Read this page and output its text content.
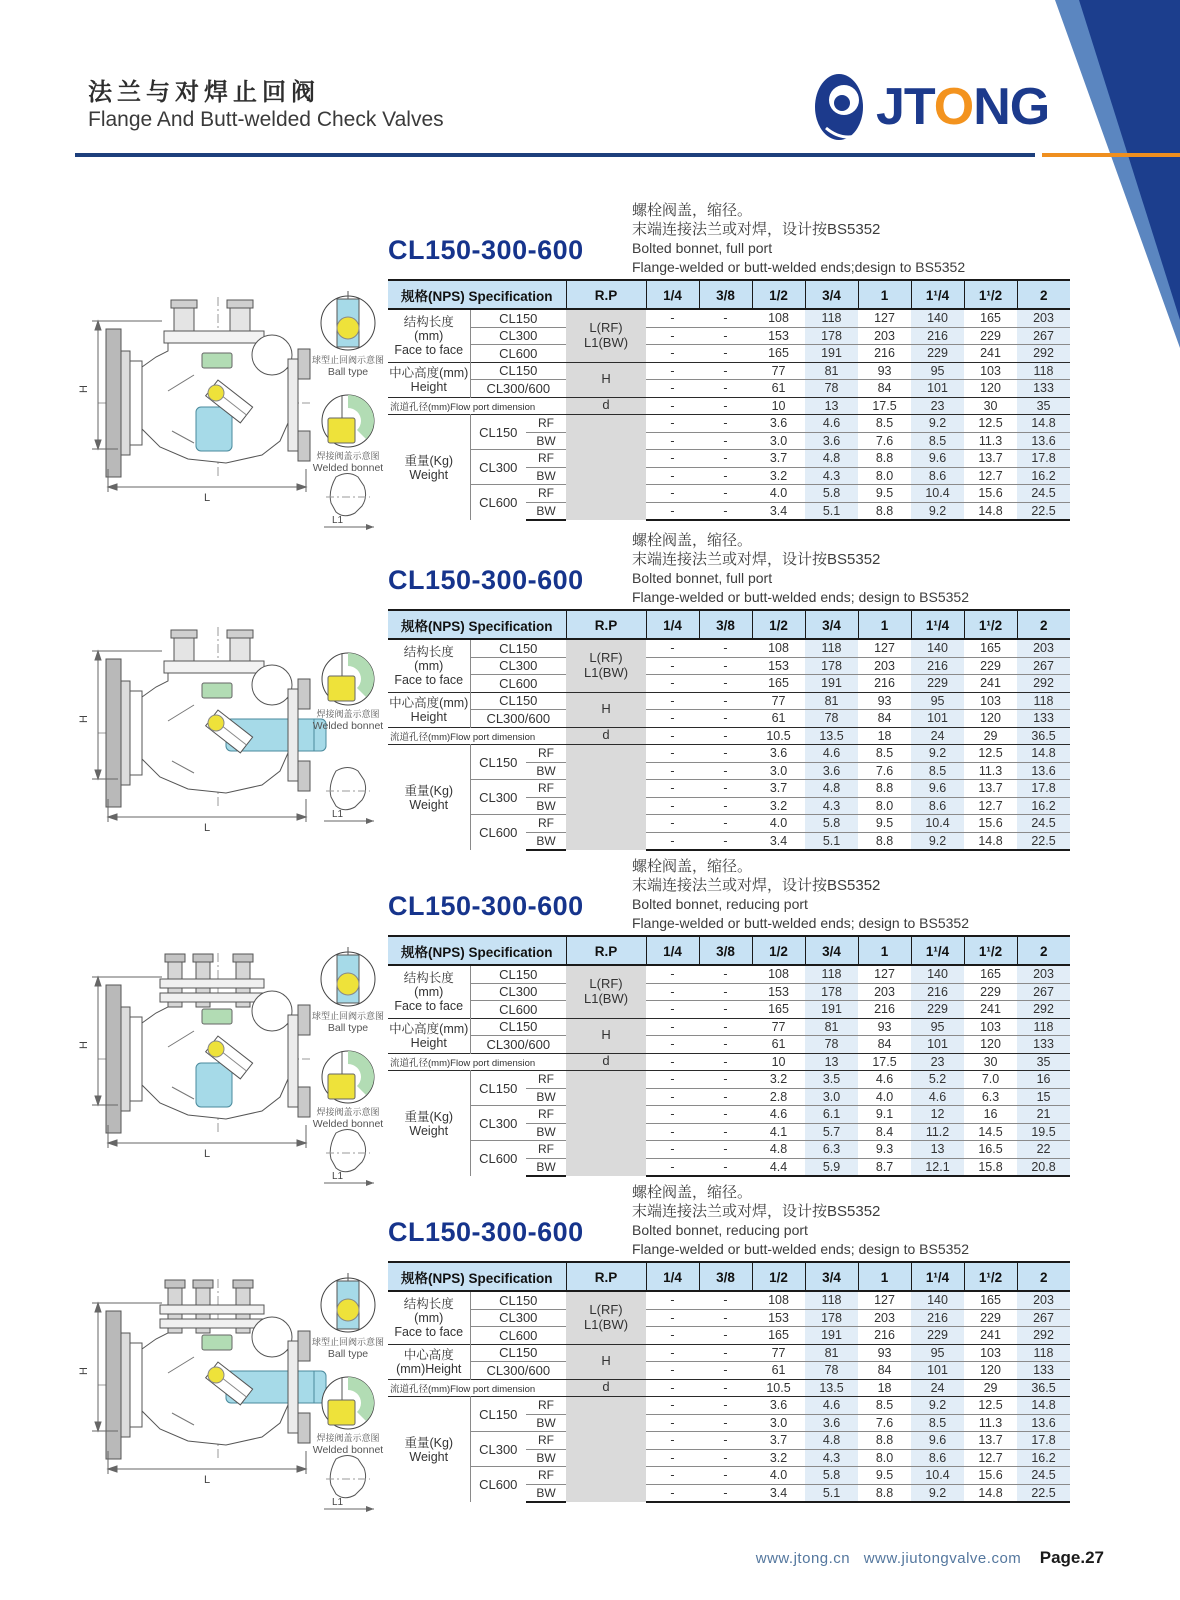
法兰与对焊止回阀
Flange And Butt-welded Check Valves	JTONG
H
L
球型止回阀示意图
Ball type
焊接阀盖示意图
Welded bonnet
L1
CL150-300-600
螺栓阀盖，缩径。
末端连接法兰或对焊，设计按BS5352
Bolted bonnet, full port
Flange-welded or butt-welded ends;design to BS5352
规格(NPS) Specification			R.P	1/4	3/8	1/2	3/4	1	1¹/4	1¹/2	2
结构长度
(mm)
Face to face	CL150		L(RF)
L1(BW)	-	-	108	118	127	140	165	203
	CL300			-	-	153	178	203	216	229	267
	CL600			-	-	165	191	216	229	241	292
中心高度(mm)
Height	CL150		H	-	-	77	81	93	95	103	118
	CL300/600			-	-	61	78	84	101	120	133
流道孔径(mm)Flow port dimension			d	-	-	10	13	17.5	23	30	35
重量(Kg)
Weight	CL150	RF		-	-	3.6	4.6	8.5	9.2	12.5	14.8
		BW		-	-	3.0	3.6	7.6	8.5	11.3	13.6
	CL300	RF		-	-	3.7	4.8	8.8	9.6	13.7	17.8
		BW		-	-	3.2	4.3	8.0	8.6	12.7	16.2
	CL600	RF		-	-	4.0	5.8	9.5	10.4	15.6	24.5
		BW		-	-	3.4	5.1	8.8	9.2	14.8	22.5
H
L
焊接阀盖示意图
Welded bonnet
L1
CL150-300-600
螺栓阀盖，缩径。
末端连接法兰或对焊，设计按BS5352
Bolted bonnet, full port
Flange-welded or butt-welded ends; design to BS5352
规格(NPS) Specification			R.P	1/4	3/8	1/2	3/4	1	1¹/4	1¹/2	2
结构长度
(mm)
Face to face	CL150		L(RF)
L1(BW)	-	-	108	118	127	140	165	203
	CL300			-	-	153	178	203	216	229	267
	CL600			-	-	165	191	216	229	241	292
中心高度(mm)
Height	CL150		H	-	-	77	81	93	95	103	118
	CL300/600			-	-	61	78	84	101	120	133
流道孔径(mm)Flow port dimension			d	-	-	10.5	13.5	18	24	29	36.5
重量(Kg)
Weight	CL150	RF		-	-	3.6	4.6	8.5	9.2	12.5	14.8
		BW		-	-	3.0	3.6	7.6	8.5	11.3	13.6
	CL300	RF		-	-	3.7	4.8	8.8	9.6	13.7	17.8
		BW		-	-	3.2	4.3	8.0	8.6	12.7	16.2
	CL600	RF		-	-	4.0	5.8	9.5	10.4	15.6	24.5
		BW		-	-	3.4	5.1	8.8	9.2	14.8	22.5
H
L
球型止回阀示意图
Ball type
焊接阀盖示意图
Welded bonnet
L1
CL150-300-600
螺栓阀盖，缩径。
末端连接法兰或对焊，设计按BS5352
Bolted bonnet, reducing port
Flange-welded or butt-welded ends; design to BS5352
规格(NPS) Specification			R.P	1/4	3/8	1/2	3/4	1	1¹/4	1¹/2	2
结构长度
(mm)
Face to face	CL150		L(RF)
L1(BW)	-	-	108	118	127	140	165	203
	CL300			-	-	153	178	203	216	229	267
	CL600			-	-	165	191	216	229	241	292
中心高度(mm)
Height	CL150		H	-	-	77	81	93	95	103	118
	CL300/600			-	-	61	78	84	101	120	133
流道孔径(mm)Flow port dimension			d	-	-	10	13	17.5	23	30	35
重量(Kg)
Weight	CL150	RF		-	-	3.2	3.5	4.6	5.2	7.0	16
		BW		-	-	2.8	3.0	4.0	4.6	6.3	15
	CL300	RF		-	-	4.6	6.1	9.1	12	16	21
		BW		-	-	4.1	5.7	8.4	11.2	14.5	19.5
	CL600	RF		-	-	4.8	6.3	9.3	13	16.5	22
		BW		-	-	4.4	5.9	8.7	12.1	15.8	20.8
H
L
球型止回阀示意图
Ball type
焊接阀盖示意图
Welded bonnet
L1
CL150-300-600
螺栓阀盖，缩径。
末端连接法兰或对焊，设计按BS5352
Bolted bonnet, reducing port
Flange-welded or butt-welded ends; design to BS5352
规格(NPS) Specification			R.P	1/4	3/8	1/2	3/4	1	1¹/4	1¹/2	2
结构长度
(mm)
Face to face	CL150		L(RF)
L1(BW)	-	-	108	118	127	140	165	203
	CL300			-	-	153	178	203	216	229	267
	CL600			-	-	165	191	216	229	241	292
中心高度
(mm)Height	CL150		H	-	-	77	81	93	95	103	118
	CL300/600			-	-	61	78	84	101	120	133
流道孔径(mm)Flow port dimension			d	-	-	10.5	13.5	18	24	29	36.5
重量(Kg)
Weight	CL150	RF		-	-	3.6	4.6	8.5	9.2	12.5	14.8
		BW		-	-	3.0	3.6	7.6	8.5	11.3	13.6
	CL300	RF		-	-	3.7	4.8	8.8	9.6	13.7	17.8
		BW		-	-	3.2	4.3	8.0	8.6	12.7	16.2
	CL600	RF		-	-	4.0	5.8	9.5	10.4	15.6	24.5
		BW		-	-	3.4	5.1	8.8	9.2	14.8	22.5
www.jtong.cn www.jiutongvalve.com Page.27
